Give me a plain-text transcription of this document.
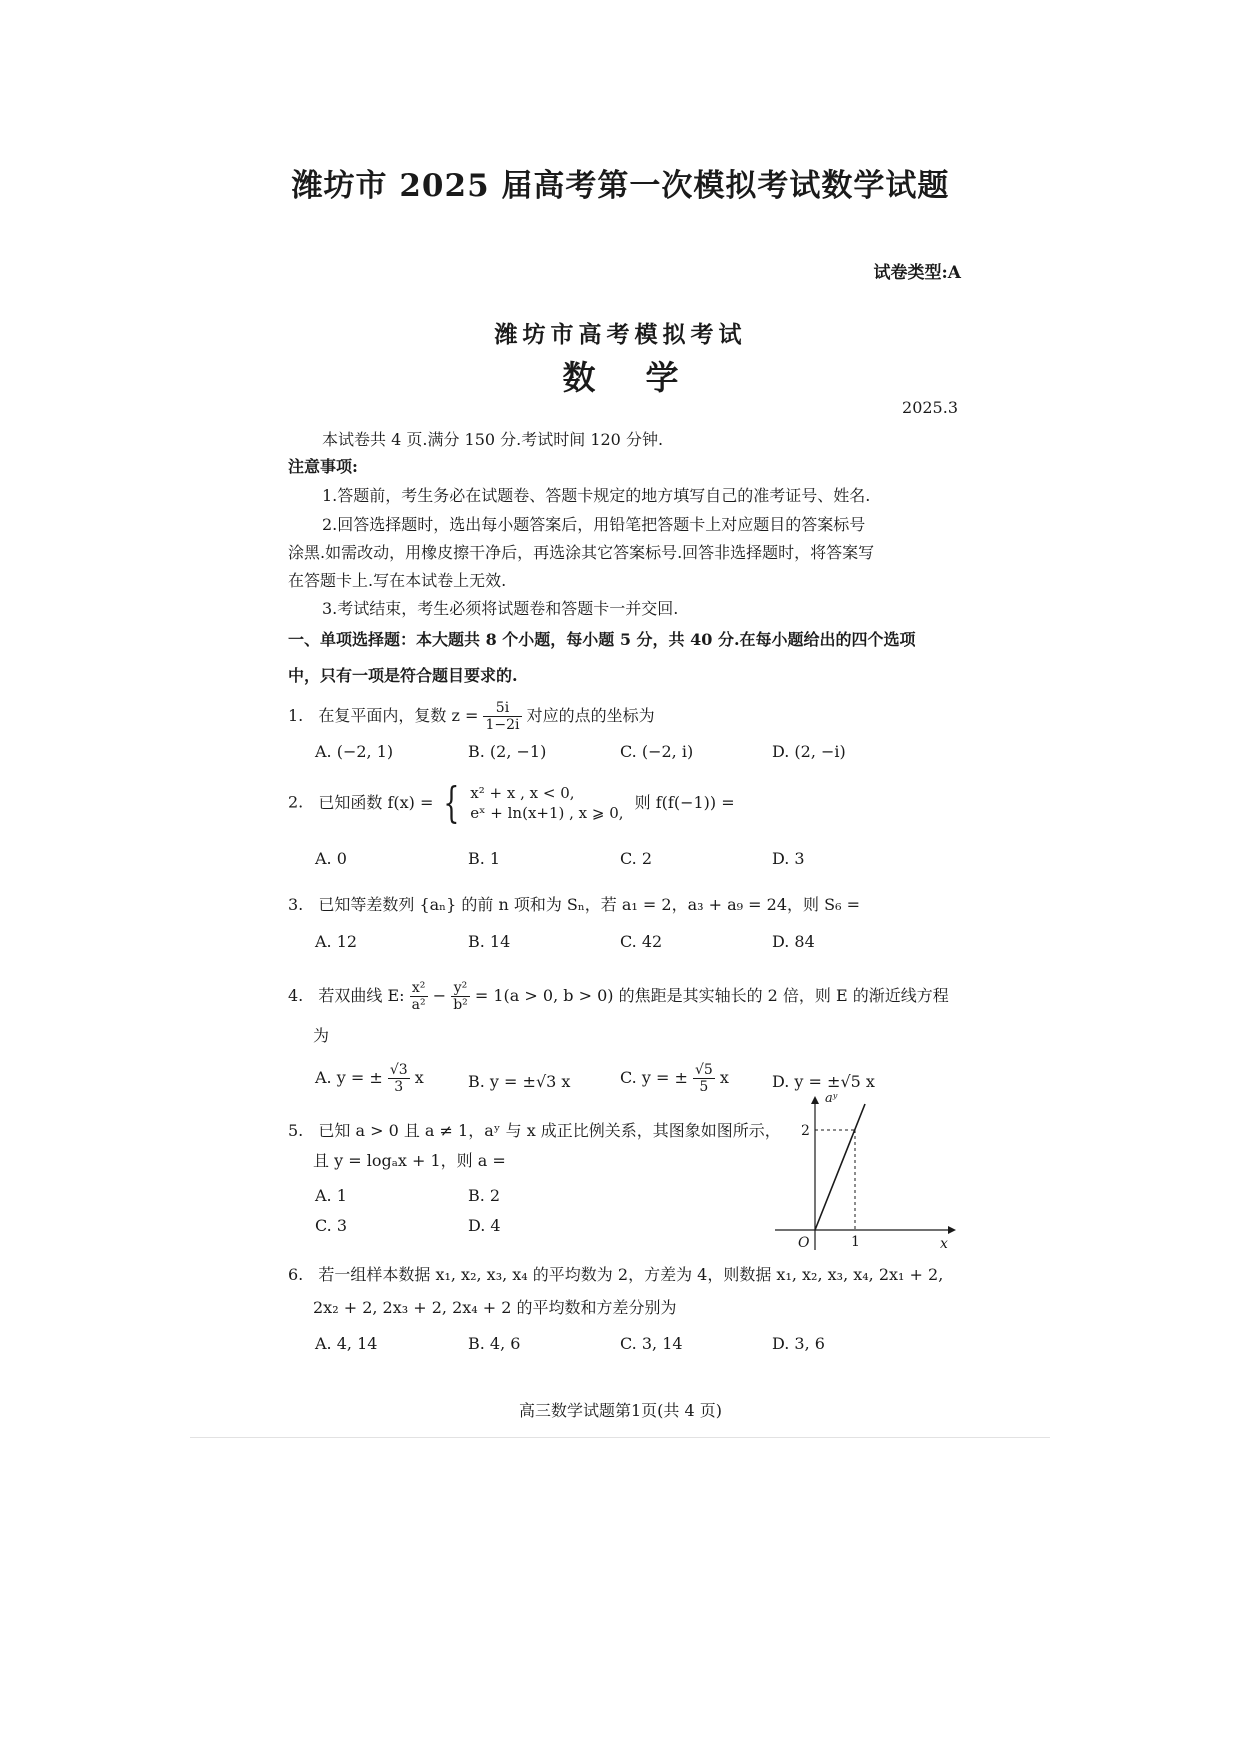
潍坊市 2025 届高考第一次模拟考试数学试题
试卷类型:A
潍坊市高考模拟考试
数学
2025.3
本试卷共 4 页.满分 150 分.考试时间 120 分钟.
注意事项:
1.答题前，考生务必在试题卷、答题卡规定的地方填写自己的准考证号、姓名.
2.回答选择题时，选出每小题答案后，用铅笔把答题卡上对应题目的答案标号
涂黑.如需改动，用橡皮擦干净后，再选涂其它答案标号.回答非选择题时，将答案写
在答题卡上.写在本试卷上无效.
3.考试结束，考生必须将试题卷和答题卡一并交回.
一、单项选择题：本大题共 8 个小题，每小题 5 分，共 40 分.在每小题给出的四个选项
中，只有一项是符合题目要求的.
1. 在复平面内，复数 $z = \frac{5i}{1-2i}$ 对应的点的坐标为
A. (−2, 1)	B. (2, −1)	C. (−2, i)	D. (2, −i)
2. 已知函数 f(x) = { x² + x , x < 0,
eˣ + ln(x+1) , x ⩾ 0,
则 f(f(−1)) =
A. 0	B. 1	C. 2	D. 3
3. 已知等差数列 {aₙ} 的前 n 项和为 Sₙ，若 a₁ = 2，a₃ + a₉ = 24，则 S₆ =
A. 12	B. 14	C. 42	D. 84
4. 若双曲线 E: $\frac{\text{x²}}{\text{a²}} - \frac{\text{y²}}{\text{b²}} = 1(a > 0$, b > 0) 的焦距是其实轴长的 2 倍，则 E 的渐近线方程
为
A. y = ± $\frac{√3}{3}$ x	B. y = ±√3 x	C. y = ± $\frac{√5}{5}$ x	D. y = ±√5 x
5. 已知 a > 0 且 a ≠ 1，aʸ 与 x 成正比例关系，其图象如图所示，
且 y = logₐx + 1，则 a =
A. 1	B. 2
C. 3	D. 4
aʸ
x
O
2
1
6. 若一组样本数据 x₁, x₂, x₃, x₄ 的平均数为 2，方差为 4，则数据 x₁, x₂, x₃, x₄, 2x₁ + 2,
2x₂ + 2, 2x₃ + 2, 2x₄ + 2 的平均数和方差分别为
A. 4, 14	B. 4, 6	C. 3, 14	D. 3, 6
高三数学试题第1页(共 4 页)
